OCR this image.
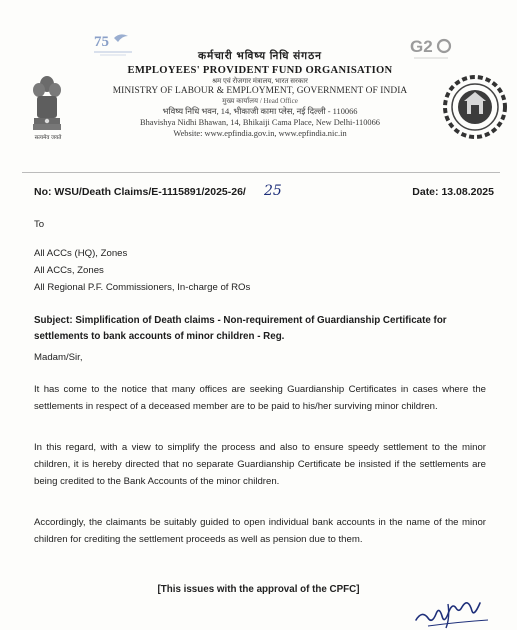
75	G2
सत्यमेव जयते
कर्मचारी भविष्य निधि संगठन
EMPLOYEES' PROVIDENT FUND ORGANISATION
श्रम एवं रोजगार मंत्रालय, भारत सरकार
MINISTRY OF LABOUR & EMPLOYMENT, GOVERNMENT OF INDIA
मुख्य कार्यालय / Head Office
भविष्य निधि भवन, 14, भीकाजी कामा प्लेस, नई दिल्ली - 110066
Bhavishya Nidhi Bhawan, 14, Bhikaiji Cama Place, New Delhi-110066
Website: www.epfindia.gov.in, www.epfindia.nic.in
No: WSU/Death Claims/E-1115891/2025-26/ 25	Date: 13.08.2025
To
All ACCs (HQ), Zones
All ACCs, Zones
All Regional P.F. Commissioners, In-charge of ROs
Subject: Simplification of Death claims - Non-requirement of Guardianship Certificate for settlements to bank accounts of minor children - Reg.
Madam/Sir,
It has come to the notice that many offices are seeking Guardianship Certificates in cases where the settlements in respect of a deceased member are to be paid to his/her surviving minor children.
In this regard, with a view to simplify the process and also to ensure speedy settlement to the minor children, it is hereby directed that no separate Guardianship Certificate be insisted if the settlements are being credited to the Bank Accounts of the minor children.
Accordingly, the claimants be suitably guided to open individual bank accounts in the name of the minor children for crediting the settlement proceeds as well as pension due to them.
[This issues with the approval of the CPFC]
